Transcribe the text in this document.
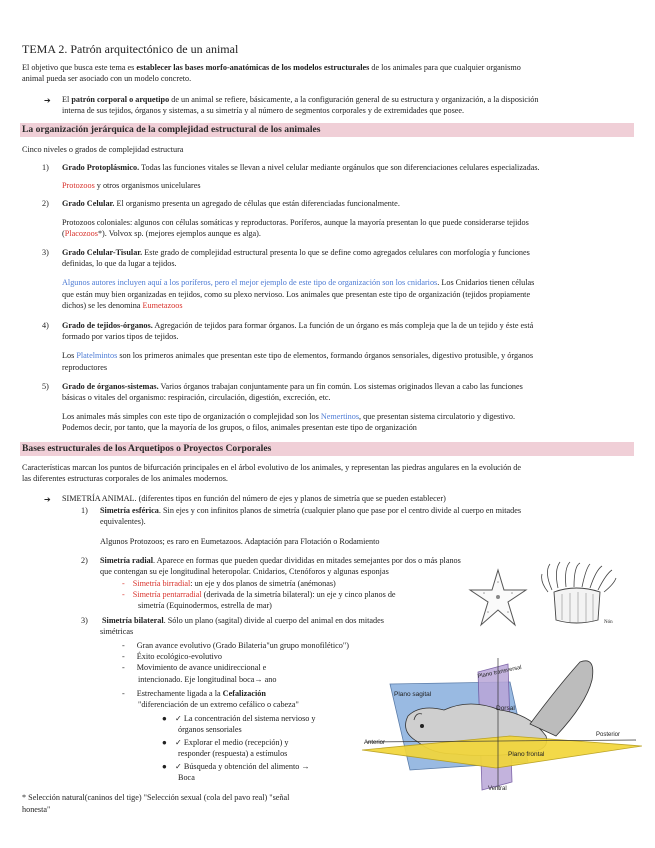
TEMA 2. Patrón arquitectónico de un animal
El objetivo que busca este tema es establecer las bases morfo-anatómicas de los modelos estructurales de los animales para que cualquier organismo
animal pueda ser asociado con un modelo concreto.
➔ El patrón corporal o arquetipo de un animal se refiere, básicamente, a la configuración general de su estructura y organización, a la disposición
interna de sus tejidos, órganos y sistemas, a su simetría y al número de segmentos corporales y de extremidades que posee.
La organización jerárquica de la complejidad estructural de los animales
Cinco niveles o grados de complejidad estructura
1) Grado Protoplásmico. Todas las funciones vitales se llevan a nivel celular mediante orgánulos que son diferenciaciones celulares especializadas.
Protozoos y otros organismos unicelulares
2) Grado Celular. El organismo presenta un agregado de células que están diferenciadas funcionalmente.
Protozoos coloniales: algunos con células somáticas y reproductoras. Poríferos, aunque la mayoría presentan lo que puede considerarse tejidos
(Placozoos*). Volvox sp. (mejores ejemplos aunque es alga).
3) Grado Celular-Tisular. Este grado de complejidad estructural presenta lo que se define como agregados celulares con morfología y funciones
definidas, lo que da lugar a tejidos.
Algunos autores incluyen aquí a los poríferos, pero el mejor ejemplo de este tipo de organización son los cnidarios. Los Cnidarios tienen células
que están muy bien organizadas en tejidos, como su plexo nervioso. Los animales que presentan este tipo de organización (tejidos propiamente
dichos) se les denomina Eumetazoos
4) Grado de tejidos-órganos. Agregación de tejidos para formar órganos. La función de un órgano es más compleja que la de un tejido y éste está
formado por varios tipos de tejidos.
Los Platelmintos son los primeros animales que presentan este tipo de elementos, formando órganos sensoriales, digestivo protusible, y órganos
reproductores
5) Grado de órganos-sistemas. Varios órganos trabajan conjuntamente para un fin común. Los sistemas originados llevan a cabo las funciones
básicas o vitales del organismo: respiración, circulación, digestión, excreción, etc.
Los animales más simples con este tipo de organización o complejidad son los Nemertinos, que presentan sistema circulatorio y digestivo.
Podemos decir, por tanto, que la mayoría de los grupos, o filos, animales presentan este tipo de organización
Bases estructurales de los Arquetipos o Proyectos Corporales
Características marcan los puntos de bifurcación principales en el árbol evolutivo de los animales, y representan las piedras angulares en la evolución de
las diferentes estructuras corporales de los animales modernos.
➔ SIMETRÍA ANIMAL. (diferentes tipos en función del número de ejes y planos de simetría que se pueden establecer)
1) Simetría esférica. Sin ejes y con infinitos planos de simetría (cualquier plano que pase por el centro divide al cuerpo en mitades
equivalentes).
Algunos Protozoos; es raro en Eumetazoos. Adaptación para Flotación o Rodamiento
2) Simetría radial. Aparece en formas que pueden quedar divididas en mitades semejantes por dos o más planos
que contengan su eje longitudinal heteropolar. Cnidarios, Ctenóforos y algunas esponjas
- Simetría birradial: un eje y dos planos de simetría (anémonas)
- Simetría pentarradial (derivada de la simetría bilateral): un eje y cinco planos de
simetría (Equinodermos, estrella de mar)
3) Simetría bilateral. Sólo un plano (sagital) divide al cuerpo del animal en dos mitades
simétricas
- Gran avance evolutivo (Grado Bilateria"un grupo monofilético")
- Éxito ecológico-evolutivo
- Movimiento de avance unidireccional e
intencionado. Eje longitudinal boca→ ano
- Estrechamente ligada a la Cefalización
"diferenciación de un extremo cefálico o cabeza"
● ✓ La concentración del sistema nervioso y
órganos sensoriales
● ✓ Explorar el medio (recepción) y
responder (respuesta) a estímulos
● ✓ Búsqueda y obtención del alimento →
Boca
* Selección natural(caninos del tige) "Selección sexual (cola del pavo real) "señal
honesta"
Nón
Plano sagital
Plano transversal
Dorsal
Anterior
Posterior
Plano frontal
Ventral
